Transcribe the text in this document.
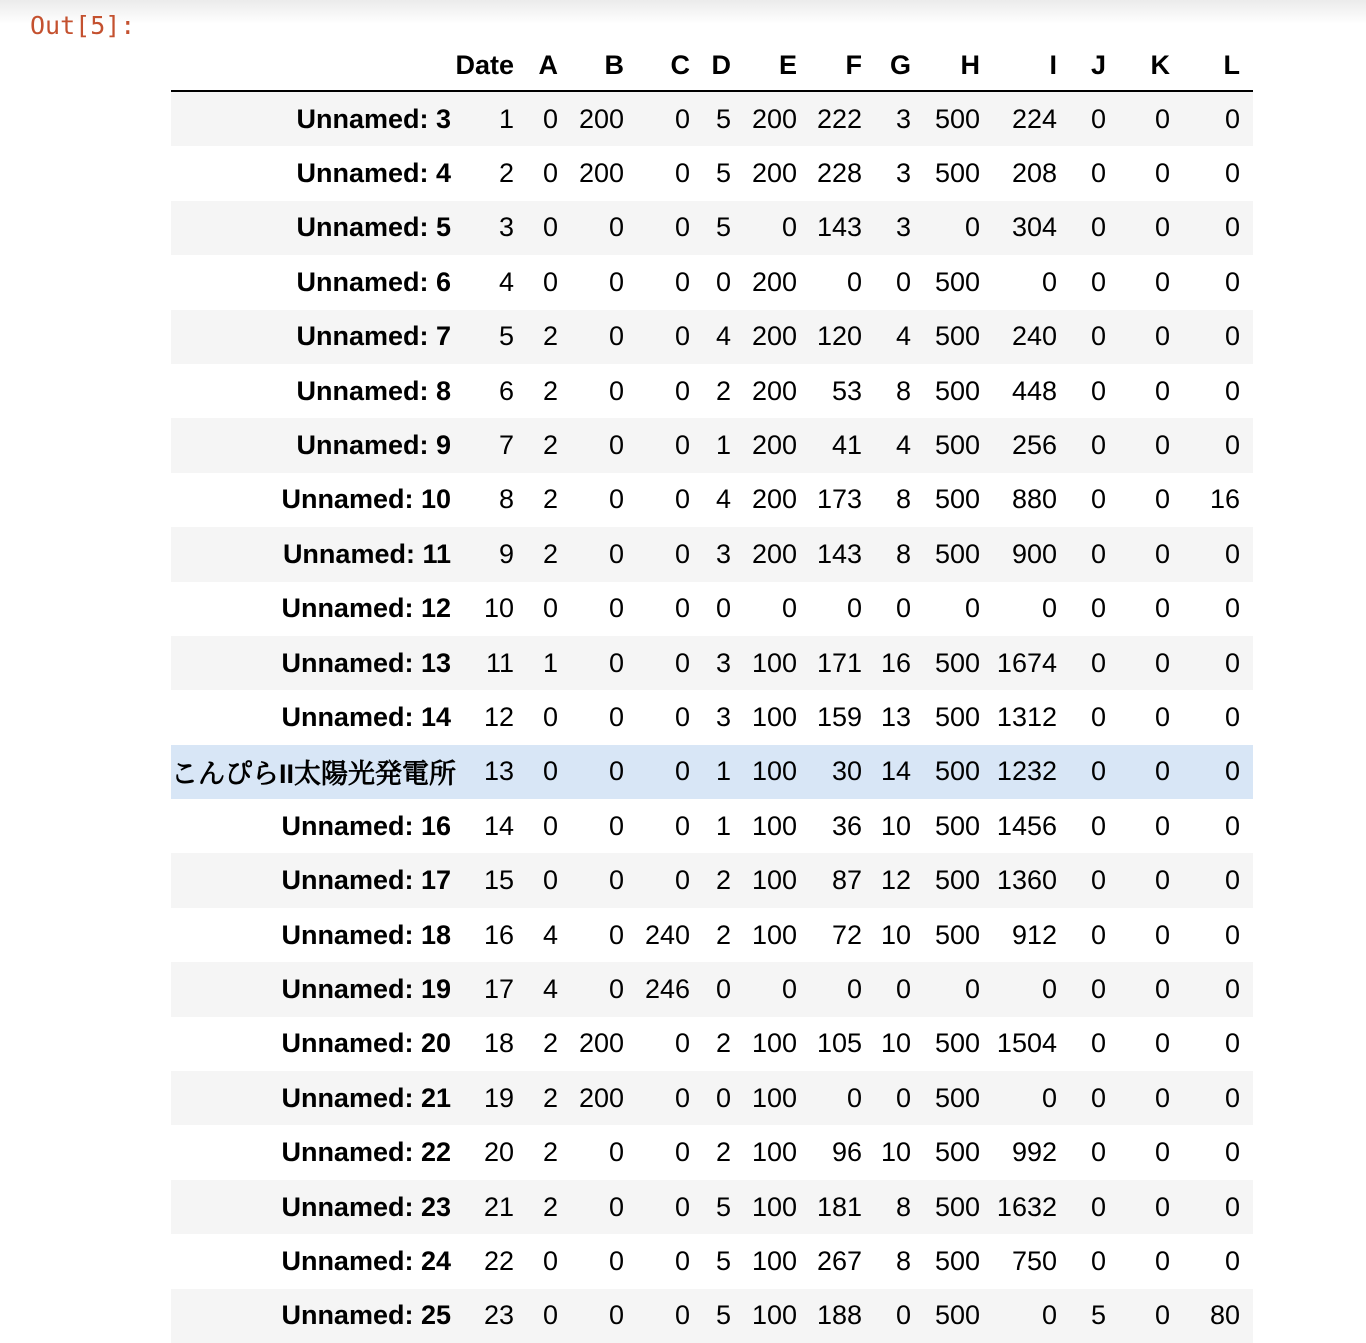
Out[5]:
	Date	A	B	C	D	E	F	G	H	I	J	K	L
Unnamed: 3	1	0	200	0	5	200	222	3	500	224	0	0	0
Unnamed: 4	2	0	200	0	5	200	228	3	500	208	0	0	0
Unnamed: 5	3	0	0	0	5	0	143	3	0	304	0	0	0
Unnamed: 6	4	0	0	0	0	200	0	0	500	0	0	0	0
Unnamed: 7	5	2	0	0	4	200	120	4	500	240	0	0	0
Unnamed: 8	6	2	0	0	2	200	53	8	500	448	0	0	0
Unnamed: 9	7	2	0	0	1	200	41	4	500	256	0	0	0
Unnamed: 10	8	2	0	0	4	200	173	8	500	880	0	0	16
Unnamed: 11	9	2	0	0	3	200	143	8	500	900	0	0	0
Unnamed: 12	10	0	0	0	0	0	0	0	0	0	0	0	0
Unnamed: 13	11	1	0	0	3	100	171	16	500	1674	0	0	0
Unnamed: 14	12	0	0	0	3	100	159	13	500	1312	0	0	0
こんぴらII太陽光発電所	13	0	0	0	1	100	30	14	500	1232	0	0	0
Unnamed: 16	14	0	0	0	1	100	36	10	500	1456	0	0	0
Unnamed: 17	15	0	0	0	2	100	87	12	500	1360	0	0	0
Unnamed: 18	16	4	0	240	2	100	72	10	500	912	0	0	0
Unnamed: 19	17	4	0	246	0	0	0	0	0	0	0	0	0
Unnamed: 20	18	2	200	0	2	100	105	10	500	1504	0	0	0
Unnamed: 21	19	2	200	0	0	100	0	0	500	0	0	0	0
Unnamed: 22	20	2	0	0	2	100	96	10	500	992	0	0	0
Unnamed: 23	21	2	0	0	5	100	181	8	500	1632	0	0	0
Unnamed: 24	22	0	0	0	5	100	267	8	500	750	0	0	0
Unnamed: 25	23	0	0	0	5	100	188	0	500	0	5	0	80
